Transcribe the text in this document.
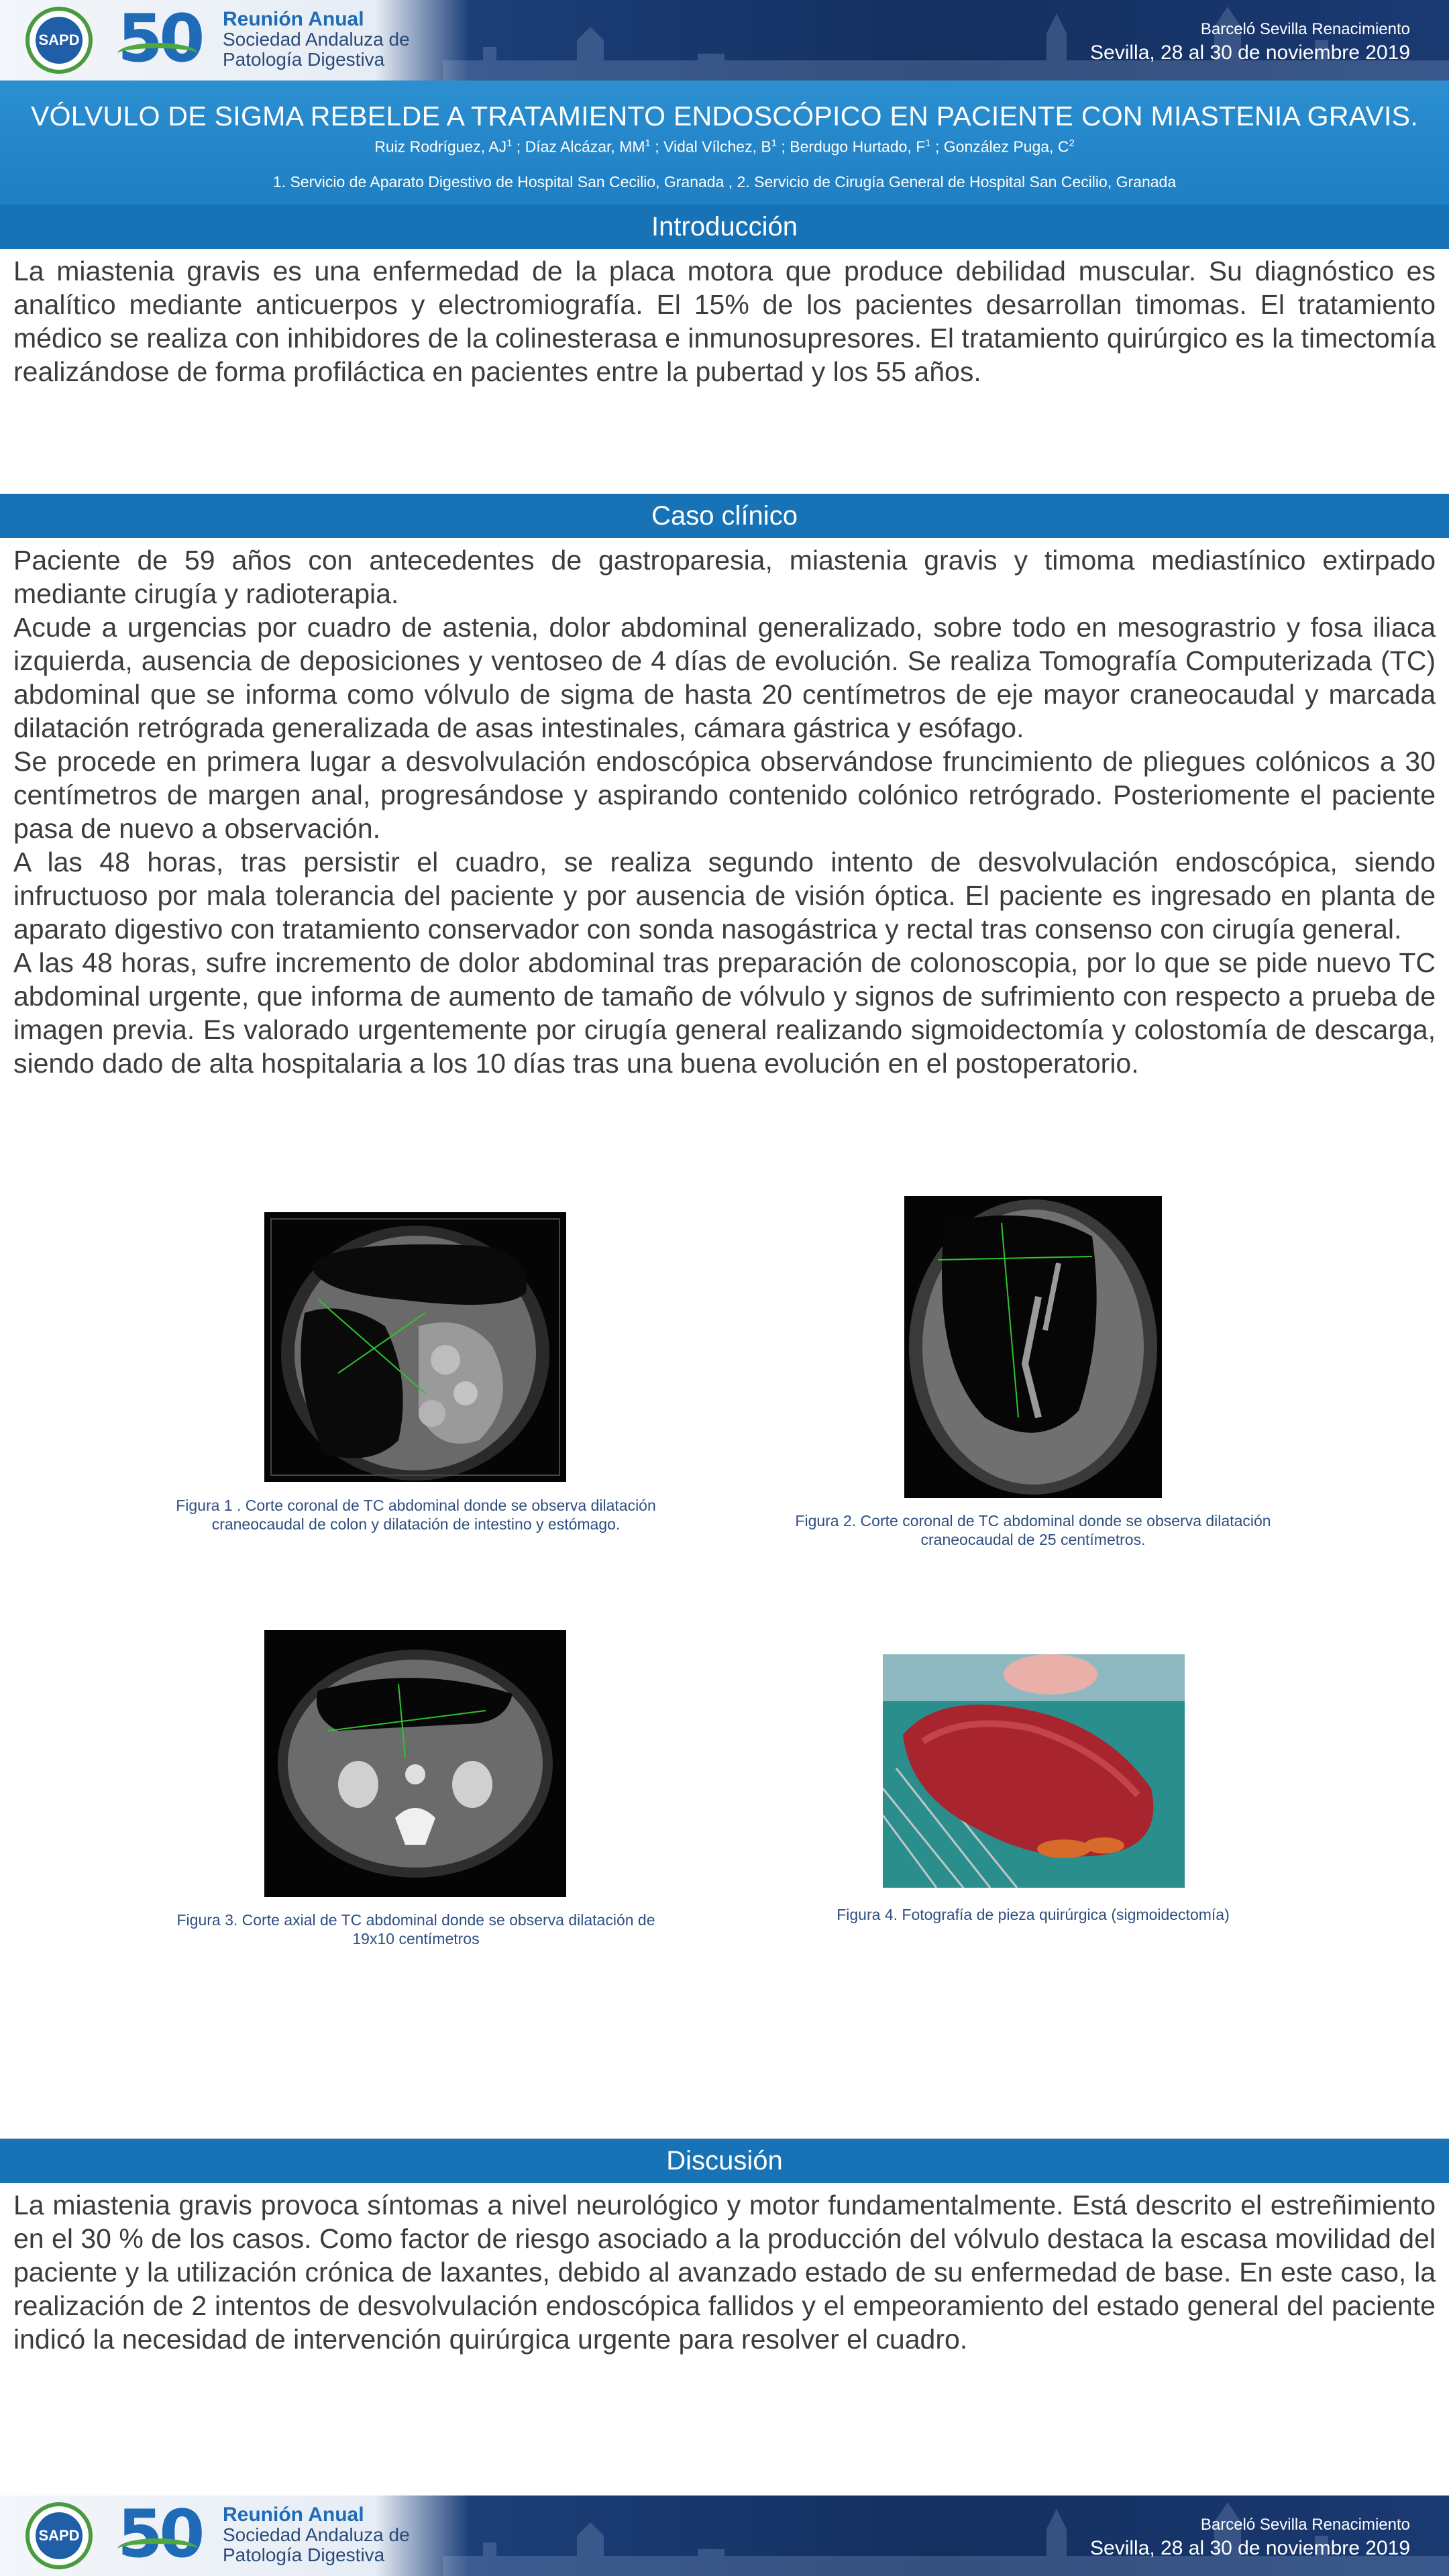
SAPD 50 Reunión Anual
Sociedad Andaluza de
Patología Digestiva
Barceló Sevilla Renacimiento
Sevilla, 28 al 30 de noviembre 2019
VÓLVULO DE SIGMA REBELDE A TRATAMIENTO ENDOSCÓPICO EN PACIENTE CON MIASTENIA GRAVIS.
Ruiz Rodríguez, $AJ^1$ ; Díaz Alcázar, $MM^1$ ; Vidal Vílchez, $B^1$ ; Berdugo Hurtado, $F^1$ ; González Puga, $C^2$
1. Servicio de Aparato Digestivo de Hospital San Cecilio, Granada , 2. Servicio de Cirugía General de Hospital San Cecilio, Granada
Introducción

La miastenia gravis es una enfermedad de la placa motora que produce debilidad muscular. Su diagnóstico es analítico mediante anticuerpos y electromiografía. El 15% de los pacientes desarrollan timomas. El tratamiento médico se realiza con inhibidores de la colinesterasa e inmunosupresores. El tratamiento quirúrgico es la timectomía realizándose de forma profiláctica en pacientes entre la pubertad y los 55 años.

Caso clínico

Paciente de 59 años con antecedentes de gastroparesia, miastenia gravis y timoma mediastínico extirpado mediante cirugía y radioterapia.

Acude a urgencias por cuadro de astenia, dolor abdominal generalizado, sobre todo en mesograstrio y fosa iliaca izquierda, ausencia de deposiciones y ventoseo de 4 días de evolución. Se realiza Tomografía Computerizada (TC) abdominal que se informa como vólvulo de sigma de hasta 20 centímetros de eje mayor craneocaudal y marcada dilatación retrógrada generalizada de asas intestinales, cámara gástrica y esófago.

Se procede en primera lugar a desvolvulación endoscópica observándose fruncimiento de pliegues colónicos a 30 centímetros de margen anal, progresándose y aspirando contenido colónico retrógrado. Posteriomente el paciente pasa de nuevo a observación.

A las 48 horas, tras persistir el cuadro, se realiza segundo intento de desvolvulación endoscópica, siendo infructuoso por mala tolerancia del paciente y por ausencia de visión óptica. El paciente es ingresado en planta de aparato digestivo con tratamiento conservador con sonda nasogástrica y rectal tras consenso con cirugía general.

A las 48 horas, sufre incremento de dolor abdominal tras preparación de colonoscopia, por lo que se pide nuevo TC abdominal urgente, que informa de aumento de tamaño de vólvulo y signos de sufrimiento con respecto a prueba de imagen previa. Es valorado urgentemente por cirugía general realizando sigmoidectomía y colostomía de descarga, siendo dado de alta hospitalaria a los 10 días tras una buena evolución en el postoperatorio.

Figura 1 . Corte coronal de TC abdominal donde se observa dilatación craneocaudal de colon y dilatación de intestino y estómago.	Figura 2. Corte coronal de TC abdominal donde se observa dilatación craneocaudal de 25 centímetros.
Figura 3. Corte axial de TC abdominal donde se observa dilatación de 19x10 centímetros
Figura 4. Fotografía de pieza quirúrgica (sigmoidectomía)
Discusión

La miastenia gravis provoca síntomas a nivel neurológico y motor fundamentalmente. Está descrito el estreñimiento en el 30 % de los casos. Como factor de riesgo asociado a la producción del vólvulo destaca la escasa movilidad del paciente y la utilización crónica de laxantes, debido al avanzado estado de su enfermedad de base. En este caso, la realización de 2 intentos de desvolvulación endoscópica fallidos y el empeoramiento del estado general del paciente indicó la necesidad de intervención quirúrgica urgente para resolver el cuadro.

SAPD 50 Reunión Anual
Sociedad Andaluza de
Patología Digestiva
Barceló Sevilla Renacimiento
Sevilla, 28 al 30 de noviembre 2019
